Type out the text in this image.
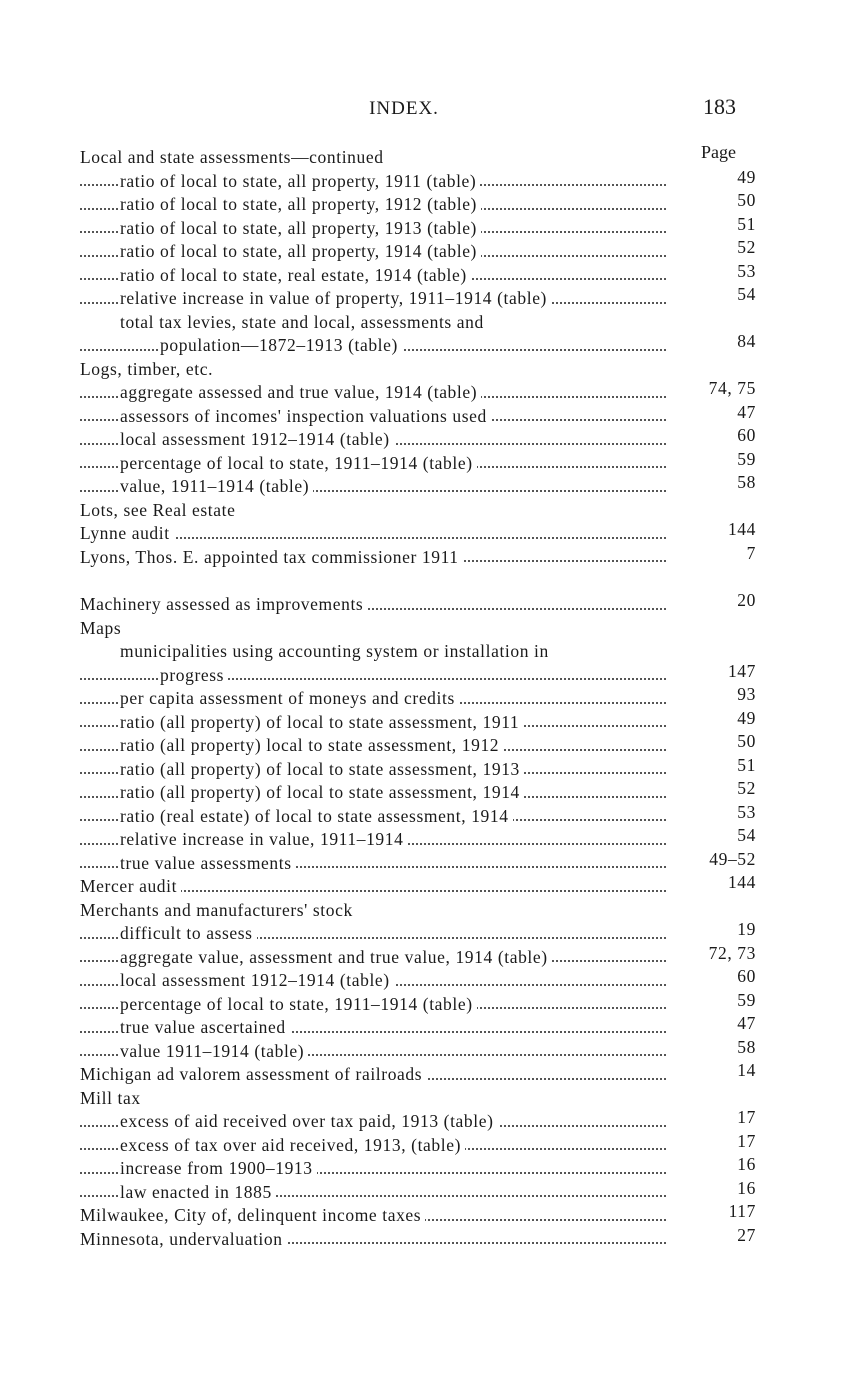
INDEX.	183
Page
Local and state assessments—continued
ratio of local to state, all property, 1911 (table)	49
ratio of local to state, all property, 1912 (table)	50
ratio of local to state, all property, 1913 (table)	51
ratio of local to state, all property, 1914 (table)	52
ratio of local to state, real estate, 1914 (table)	53
relative increase in value of property, 1911–1914 (table)	54
total tax levies, state and local, assessments and
population—1872–1913 (table)	84
Logs, timber, etc.
aggregate assessed and true value, 1914 (table)	74, 75
assessors of incomes' inspection valuations used	47
local assessment 1912–1914 (table)	60
percentage of local to state, 1911–1914 (table)	59
value, 1911–1914 (table)	58
Lots, see Real estate
Lynne audit	144
Lyons, Thos. E. appointed tax commissioner 1911	7
Machinery assessed as improvements	20
Maps
municipalities using accounting system or installation in
progress	147
per capita assessment of moneys and credits	93
ratio (all property) of local to state assessment, 1911	49
ratio (all property) local to state assessment, 1912	50
ratio (all property) of local to state assessment, 1913	51
ratio (all property) of local to state assessment, 1914	52
ratio (real estate) of local to state assessment, 1914	53
relative increase in value, 1911–1914	54
true value assessments	49–52
Mercer audit	144
Merchants and manufacturers' stock
difficult to assess	19
aggregate value, assessment and true value, 1914 (table)	72, 73
local assessment 1912–1914 (table)	60
percentage of local to state, 1911–1914 (table)	59
true value ascertained	47
value 1911–1914 (table)	58
Michigan ad valorem assessment of railroads	14
Mill tax
excess of aid received over tax paid, 1913 (table)	17
excess of tax over aid received, 1913, (table)	17
increase from 1900–1913	16
law enacted in 1885	16
Milwaukee, City of, delinquent income taxes	117
Minnesota, undervaluation	27
